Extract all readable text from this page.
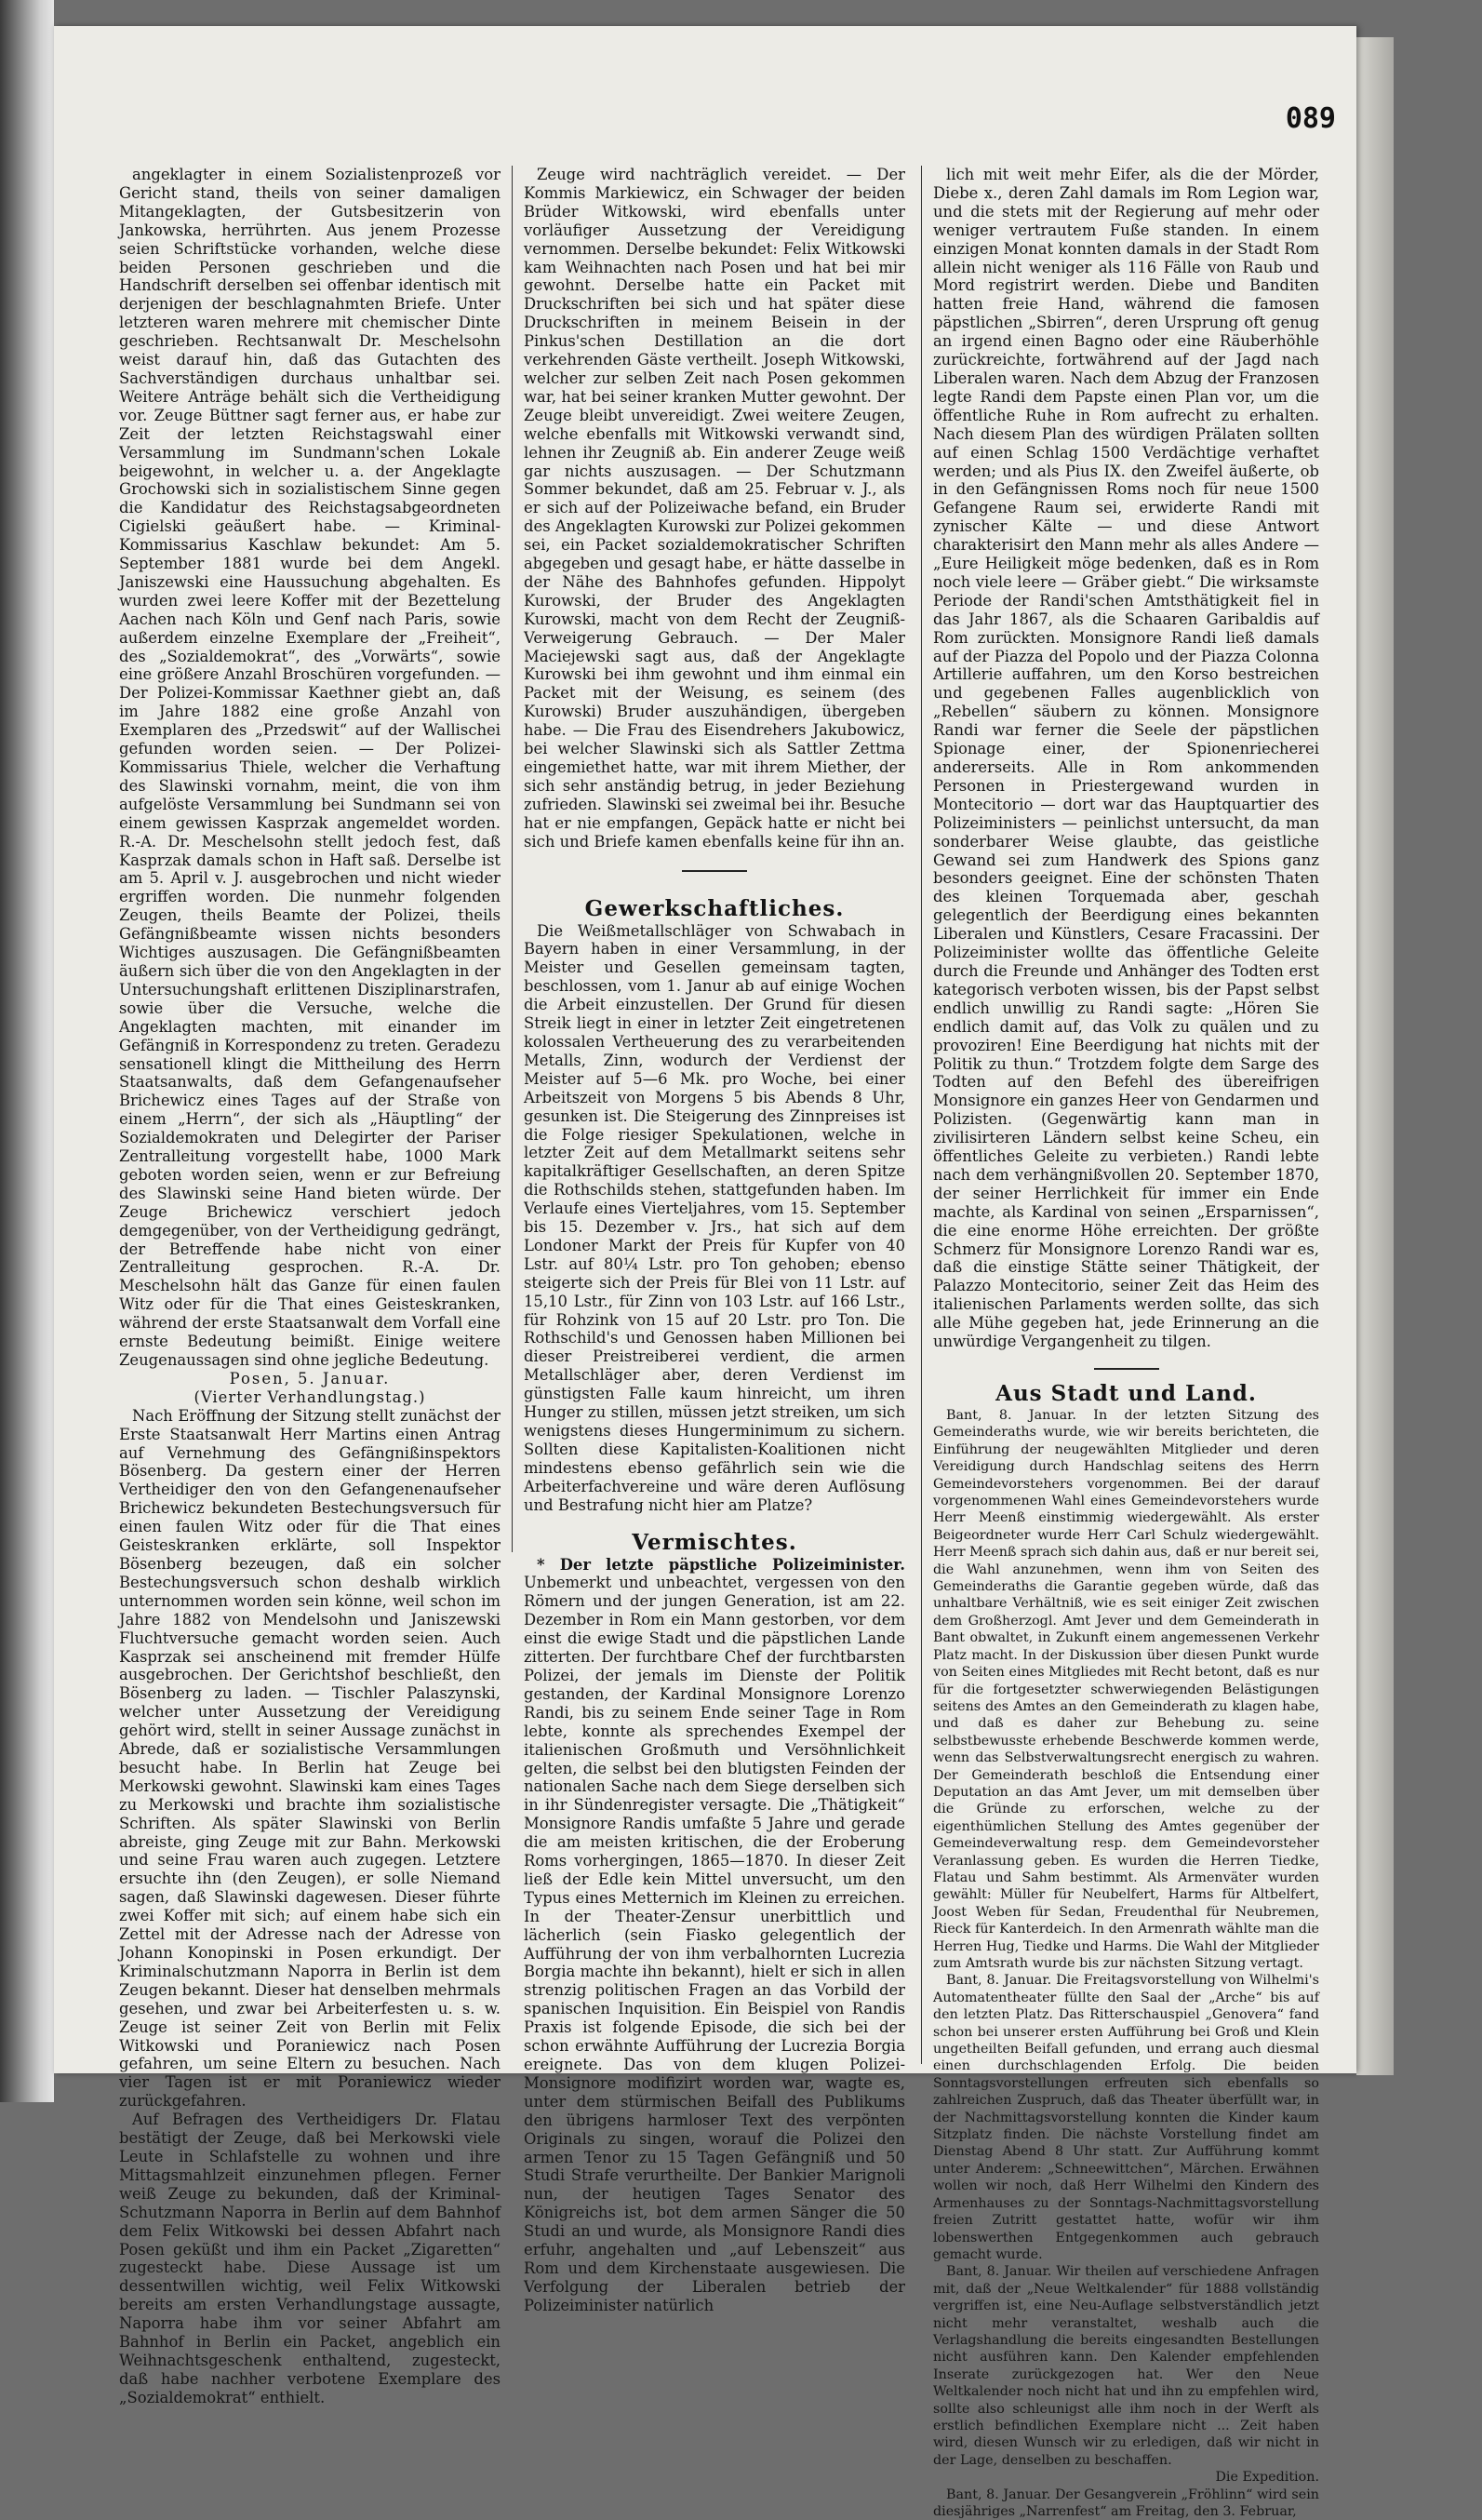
089

angeklagter in einem Sozialistenprozeß vor Gericht stand, theils von seiner damaligen Mitangeklagten, der Gutsbesitzerin von Jankowska, herrührten. Aus jenem Prozesse seien Schriftstücke vorhanden, welche diese beiden Personen geschrieben und die Handschrift derselben sei offenbar identisch mit derjenigen der beschlagnahmten Briefe. Unter letzteren waren mehrere mit chemischer Dinte geschrieben. Rechtsanwalt Dr. Meschelsohn weist darauf hin, daß das Gutachten des Sachverständigen durchaus unhaltbar sei. Weitere Anträge behält sich die Vertheidigung vor. Zeuge Büttner sagt ferner aus, er habe zur Zeit der letzten Reichstagswahl einer Versammlung im Sundmann'schen Lokale beigewohnt, in welcher u. a. der Angeklagte Grochowski sich in sozialistischem Sinne gegen die Kandidatur des Reichstagsabgeordneten Cigielski geäußert habe. — Kriminal-Kommissarius Kaschlaw bekundet: Am 5. September 1881 wurde bei dem Angekl. Janiszewski eine Haussuchung abgehalten. Es wurden zwei leere Koffer mit der Bezettelung Aachen nach Köln und Genf nach Paris, sowie außerdem einzelne Exemplare der „Freiheit“, des „Sozialdemokrat“, des „Vorwärts“, sowie eine größere Anzahl Broschüren vorgefunden. — Der Polizei-Kommissar Kaethner giebt an, daß im Jahre 1882 eine große Anzahl von Exemplaren des „Przedswit“ auf der Wallischei gefunden worden seien. — Der Polizei-Kommissarius Thiele, welcher die Verhaftung des Slawinski vornahm, meint, die von ihm aufgelöste Versammlung bei Sundmann sei von einem gewissen Kasprzak angemeldet worden. R.-A. Dr. Meschelsohn stellt jedoch fest, daß Kasprzak damals schon in Haft saß. Derselbe ist am 5. April v. J. ausgebrochen und nicht wieder ergriffen worden. Die nunmehr folgenden Zeugen, theils Beamte der Polizei, theils Gefängnißbeamte wissen nichts besonders Wichtiges auszusagen. Die Gefängnißbeamten äußern sich über die von den Angeklagten in der Untersuchungshaft erlittenen Disziplinarstrafen, sowie über die Versuche, welche die Angeklagten machten, mit einander im Gefängniß in Korrespondenz zu treten. Geradezu sensationell klingt die Mittheilung des Herrn Staatsanwalts, daß dem Gefangenaufseher Brichewicz eines Tages auf der Straße von einem „Herrn“, der sich als „Häuptling“ der Sozialdemokraten und Delegirter der Pariser Zentralleitung vorgestellt habe, 1000 Mark geboten worden seien, wenn er zur Befreiung des Slawinski seine Hand bieten würde. Der Zeuge Brichewicz verschiert jedoch demgegenüber, von der Vertheidigung gedrängt, der Betreffende habe nicht von einer Zentralleitung gesprochen. R.-A. Dr. Meschelsohn hält das Ganze für einen faulen Witz oder für die That eines Geisteskranken, während der erste Staatsanwalt dem Vorfall eine ernste Bedeutung beimißt. Einige weitere Zeugenaussagen sind ohne jegliche Bedeutung.

Posen, 5. Januar.

(Vierter Verhandlungstag.)

Nach Eröffnung der Sitzung stellt zunächst der Erste Staatsanwalt Herr Martins einen Antrag auf Vernehmung des Gefängnißinspektors Bösenberg. Da gestern einer der Herren Vertheidiger den von den Gefangenenaufseher Brichewicz bekundeten Bestechungsversuch für einen faulen Witz oder für die That eines Geisteskranken erklärte, soll Inspektor Bösenberg bezeugen, daß ein solcher Bestechungsversuch schon deshalb wirklich unternommen worden sein könne, weil schon im Jahre 1882 von Mendelsohn und Janiszewski Fluchtversuche gemacht worden seien. Auch Kasprzak sei anscheinend mit fremder Hülfe ausgebrochen. Der Gerichtshof beschließt, den Bösenberg zu laden. — Tischler Palaszynski, welcher unter Aussetzung der Vereidigung gehört wird, stellt in seiner Aussage zunächst in Abrede, daß er sozialistische Versammlungen besucht habe. In Berlin hat Zeuge bei Merkowski gewohnt. Slawinski kam eines Tages zu Merkowski und brachte ihm sozialistische Schriften. Als später Slawinski von Berlin abreiste, ging Zeuge mit zur Bahn. Merkowski und seine Frau waren auch zugegen. Letztere ersuchte ihn (den Zeugen), er solle Niemand sagen, daß Slawinski dagewesen. Dieser führte zwei Koffer mit sich; auf einem habe sich ein Zettel mit der Adresse nach der Adresse von Johann Konopinski in Posen erkundigt. Der Kriminalschutzmann Naporra in Berlin ist dem Zeugen bekannt. Dieser hat denselben mehrmals gesehen, und zwar bei Arbeiterfesten u. s. w. Zeuge ist seiner Zeit von Berlin mit Felix Witkowski und Poraniewicz nach Posen gefahren, um seine Eltern zu besuchen. Nach vier Tagen ist er mit Poraniewicz wieder zurückgefahren.

Auf Befragen des Vertheidigers Dr. Flatau bestätigt der Zeuge, daß bei Merkowski viele Leute in Schlafstelle zu wohnen und ihre Mittagsmahlzeit einzunehmen pflegen. Ferner weiß Zeuge zu bekunden, daß der Kriminal-Schutzmann Naporra in Berlin auf dem Bahnhof dem Felix Witkowski bei dessen Abfahrt nach Posen geküßt und ihm ein Packet „Zigaretten“ zugesteckt habe. Diese Aussage ist um dessentwillen wichtig, weil Felix Witkowski bereits am ersten Verhandlungstage aussagte, Naporra habe ihm vor seiner Abfahrt am Bahnhof in Berlin ein Packet, angeblich ein Weihnachtsgeschenk enthaltend, zugesteckt, daß habe nachher verbotene Exemplare des „Sozialdemokrat“ enthielt.

Zeuge wird nachträglich vereidet. — Der Kommis Markiewicz, ein Schwager der beiden Brüder Witkowski, wird ebenfalls unter vorläufiger Aussetzung der Vereidigung vernommen. Derselbe bekundet: Felix Witkowski kam Weihnachten nach Posen und hat bei mir gewohnt. Derselbe hatte ein Packet mit Druckschriften bei sich und hat später diese Druckschriften in meinem Beisein in der Pinkus'schen Destillation an die dort verkehrenden Gäste vertheilt. Joseph Witkowski, welcher zur selben Zeit nach Posen gekommen war, hat bei seiner kranken Mutter gewohnt. Der Zeuge bleibt unvereidigt. Zwei weitere Zeugen, welche ebenfalls mit Witkowski verwandt sind, lehnen ihr Zeugniß ab. Ein anderer Zeuge weiß gar nichts auszusagen. — Der Schutzmann Sommer bekundet, daß am 25. Februar v. J., als er sich auf der Polizeiwache befand, ein Bruder des Angeklagten Kurowski zur Polizei gekommen sei, ein Packet sozialdemokratischer Schriften abgegeben und gesagt habe, er hätte dasselbe in der Nähe des Bahnhofes gefunden. Hippolyt Kurowski, der Bruder des Angeklagten Kurowski, macht von dem Recht der Zeugniß-Verweigerung Gebrauch. — Der Maler Maciejewski sagt aus, daß der Angeklagte Kurowski bei ihm gewohnt und ihm einmal ein Packet mit der Weisung, es seinem (des Kurowski) Bruder auszuhändigen, übergeben habe. — Die Frau des Eisendrehers Jakubowicz, bei welcher Slawinski sich als Sattler Zettma eingemiethet hatte, war mit ihrem Miether, der sich sehr anständig betrug, in jeder Beziehung zufrieden. Slawinski sei zweimal bei ihr. Besuche hat er nie empfangen, Gepäck hatte er nicht bei sich und Briefe kamen ebenfalls keine für ihn an.

Gewerkschaftliches.

Die Weißmetallschläger von Schwabach in Bayern haben in einer Versammlung, in der Meister und Gesellen gemeinsam tagten, beschlossen, vom 1. Janur ab auf einige Wochen die Arbeit einzustellen. Der Grund für diesen Streik liegt in einer in letzter Zeit eingetretenen kolossalen Vertheuerung des zu verarbeitenden Metalls, Zinn, wodurch der Verdienst der Meister auf 5—6 Mk. pro Woche, bei einer Arbeitszeit von Morgens 5 bis Abends 8 Uhr, gesunken ist. Die Steigerung des Zinnpreises ist die Folge riesiger Spekulationen, welche in letzter Zeit auf dem Metallmarkt seitens sehr kapitalkräftiger Gesellschaften, an deren Spitze die Rothschilds stehen, stattgefunden haben. Im Verlaufe eines Vierteljahres, vom 15. September bis 15. Dezember v. Jrs., hat sich auf dem Londoner Markt der Preis für Kupfer von 40 Lstr. auf 80¼ Lstr. pro Ton gehoben; ebenso steigerte sich der Preis für Blei von 11 Lstr. auf 15,10 Lstr., für Zinn von 103 Lstr. auf 166 Lstr., für Rohzink von 15 auf 20 Lstr. pro Ton. Die Rothschild's und Genossen haben Millionen bei dieser Preistreiberei verdient, die armen Metallschläger aber, deren Verdienst im günstigsten Falle kaum hinreicht, um ihren Hunger zu stillen, müssen jetzt streiken, um sich wenigstens dieses Hungerminimum zu sichern. Sollten diese Kapitalisten-Koalitionen nicht mindestens ebenso gefährlich sein wie die Arbeiterfachvereine und wäre deren Auflösung und Bestrafung nicht hier am Platze?

Vermischtes.

* Der letzte päpstliche Polizeiminister. Unbemerkt und unbeachtet, vergessen von den Römern und der jungen Generation, ist am 22. Dezember in Rom ein Mann gestorben, vor dem einst die ewige Stadt und die päpstlichen Lande zitterten. Der furchtbare Chef der furchtbarsten Polizei, der jemals im Dienste der Politik gestanden, der Kardinal Monsignore Lorenzo Randi, bis zu seinem Ende seiner Tage in Rom lebte, konnte als sprechendes Exempel der italienischen Großmuth und Versöhnlichkeit gelten, die selbst bei den blutigsten Feinden der nationalen Sache nach dem Siege derselben sich in ihr Sündenregister versagte. Die „Thätigkeit“ Monsignore Randis umfaßte 5 Jahre und gerade die am meisten kritischen, die der Eroberung Roms vorhergingen, 1865—1870. In dieser Zeit ließ der Edle kein Mittel unversucht, um den Typus eines Metternich im Kleinen zu erreichen. In der Theater-Zensur unerbittlich und lächerlich (sein Fiasko gelegentlich der Aufführung der von ihm verbalhornten Lucrezia Borgia machte ihn bekannt), hielt er sich in allen strenzig politischen Fragen an das Vorbild der spanischen Inquisition. Ein Beispiel von Randis Praxis ist folgende Episode, die sich bei der schon erwähnte Aufführung der Lucrezia Borgia ereignete. Das von dem klugen Polizei-Monsignore modifizirt worden war, wagte es, unter dem stürmischen Beifall des Publikums den übrigens harmloser Text des verpönten Originals zu singen, worauf die Polizei den armen Tenor zu 15 Tagen Gefängniß und 50 Studi Strafe verurtheilte. Der Bankier Marignoli nun, der heutigen Tages Senator des Königreichs ist, bot dem armen Sänger die 50 Studi an und wurde, als Monsignore Randi dies erfuhr, angehalten und „auf Lebenszeit“ aus Rom und dem Kirchenstaate ausgewiesen. Die Verfolgung der Liberalen betrieb der Polizeiminister natürlich

lich mit weit mehr Eifer, als die der Mörder, Diebe x., deren Zahl damals im Rom Legion war, und die stets mit der Regierung auf mehr oder weniger vertrautem Fuße standen. In einem einzigen Monat konnten damals in der Stadt Rom allein nicht weniger als 116 Fälle von Raub und Mord registrirt werden. Diebe und Banditen hatten freie Hand, während die famosen päpstlichen „Sbirren“, deren Ursprung oft genug an irgend einen Bagno oder eine Räuberhöhle zurückreichte, fortwährend auf der Jagd nach Liberalen waren. Nach dem Abzug der Franzosen legte Randi dem Papste einen Plan vor, um die öffentliche Ruhe in Rom aufrecht zu erhalten. Nach diesem Plan des würdigen Prälaten sollten auf einen Schlag 1500 Verdächtige verhaftet werden; und als Pius IX. den Zweifel äußerte, ob in den Gefängnissen Roms noch für neue 1500 Gefangene Raum sei, erwiderte Randi mit zynischer Kälte — und diese Antwort charakterisirt den Mann mehr als alles Andere — „Eure Heiligkeit möge bedenken, daß es in Rom noch viele leere — Gräber giebt.“ Die wirksamste Periode der Randi'schen Amtsthätigkeit fiel in das Jahr 1867, als die Schaaren Garibaldis auf Rom zurückten. Monsignore Randi ließ damals auf der Piazza del Popolo und der Piazza Colonna Artillerie auffahren, um den Korso bestreichen und gegebenen Falles augenblicklich von „Rebellen“ säubern zu können. Monsignore Randi war ferner die Seele der päpstlichen Spionage einer, der Spionenriecherei andererseits. Alle in Rom ankommenden Personen in Priestergewand wurden in Montecitorio — dort war das Hauptquartier des Polizeiministers — peinlichst untersucht, da man sonderbarer Weise glaubte, das geistliche Gewand sei zum Handwerk des Spions ganz besonders geeignet. Eine der schönsten Thaten des kleinen Torquemada aber, geschah gelegentlich der Beerdigung eines bekannten Liberalen und Künstlers, Cesare Fracassini. Der Polizeiminister wollte das öffentliche Geleite durch die Freunde und Anhänger des Todten erst kategorisch verboten wissen, bis der Papst selbst endlich unwillig zu Randi sagte: „Hören Sie endlich damit auf, das Volk zu quälen und zu provoziren! Eine Beerdigung hat nichts mit der Politik zu thun.“ Trotzdem folgte dem Sarge des Todten auf den Befehl des übereifrigen Monsignore ein ganzes Heer von Gendarmen und Polizisten. (Gegenwärtig kann man in zivilisirteren Ländern selbst keine Scheu, ein öffentliches Geleite zu verbieten.) Randi lebte nach dem verhängnißvollen 20. September 1870, der seiner Herrlichkeit für immer ein Ende machte, als Kardinal von seinen „Ersparnissen“, die eine enorme Höhe erreichten. Der größte Schmerz für Monsignore Lorenzo Randi war es, daß die einstige Stätte seiner Thätigkeit, der Palazzo Montecitorio, seiner Zeit das Heim des italienischen Parlaments werden sollte, das sich alle Mühe gegeben hat, jede Erinnerung an die unwürdige Vergangenheit zu tilgen.

Aus Stadt und Land.

Bant, 8. Januar. In der letzten Sitzung des Gemeinderaths wurde, wie wir bereits berichteten, die Einführung der neugewählten Mitglieder und deren Vereidigung durch Handschlag seitens des Herrn Gemeindevorstehers vorgenommen. Bei der darauf vorgenommenen Wahl eines Gemeindevorstehers wurde Herr Meenß einstimmig wiedergewählt. Als erster Beigeordneter wurde Herr Carl Schulz wiedergewählt. Herr Meenß sprach sich dahin aus, daß er nur bereit sei, die Wahl anzunehmen, wenn ihm von Seiten des Gemeinderaths die Garantie gegeben würde, daß das unhaltbare Verhältniß, wie es seit einiger Zeit zwischen dem Großherzogl. Amt Jever und dem Gemeinderath in Bant obwaltet, in Zukunft einem angemessenen Verkehr Platz macht. In der Diskussion über diesen Punkt wurde von Seiten eines Mitgliedes mit Recht betont, daß es nur für die fortgesetzter schwerwiegenden Belästigungen seitens des Amtes an den Gemeinderath zu klagen habe, und daß es daher zur Behebung zu. seine selbstbewusste erhebende Beschwerde kommen werde, wenn das Selbstverwaltungsrecht energisch zu wahren. Der Gemeinderath beschloß die Entsendung einer Deputation an das Amt Jever, um mit demselben über die Gründe zu erforschen, welche zu der eigenthümlichen Stellung des Amtes gegenüber der Gemeindeverwaltung resp. dem Gemeindevorsteher Veranlassung geben. Es wurden die Herren Tiedke, Flatau und Sahm bestimmt. Als Armenväter wurden gewählt: Müller für Neubelfert, Harms für Altbelfert, Joost Weben für Sedan, Freudenthal für Neubremen, Rieck für Kanterdeich. In den Armenrath wählte man die Herren Hug, Tiedke und Harms. Die Wahl der Mitglieder zum Amtsrath wurde bis zur nächsten Sitzung vertagt.

Bant, 8. Januar. Die Freitagsvorstellung von Wilhelmi's Automatentheater füllte den Saal der „Arche“ bis auf den letzten Platz. Das Ritterschauspiel „Genovera“ fand schon bei unserer ersten Aufführung bei Groß und Klein ungetheilten Beifall gefunden, und errang auch diesmal einen durchschlagenden Erfolg. Die beiden Sonntagsvorstellungen erfreuten sich ebenfalls so zahlreichen Zuspruch, daß das Theater überfüllt war, in der Nachmittagsvorstellung konnten die Kinder kaum Sitzplatz finden. Die nächste Vorstellung findet am Dienstag Abend 8 Uhr statt. Zur Aufführung kommt unter Anderem: „Schneewittchen“, Märchen. Erwähnen wollen wir noch, daß Herr Wilhelmi den Kindern des Armenhauses zu der Sonntags-Nachmittagsvorstellung freien Zutritt gestattet hatte, wofür wir ihm lobenswerthen Entgegenkommen auch gebrauch gemacht wurde.

Bant, 8. Januar. Wir theilen auf verschiedene Anfragen mit, daß der „Neue Weltkalender“ für 1888 vollständig vergriffen ist, eine Neu-Auflage selbstverständlich jetzt nicht mehr veranstaltet, weshalb auch die Verlagshandlung die bereits eingesandten Bestellungen nicht ausführen kann. Den Kalender empfehlenden Inserate zurückgezogen hat. Wer den Neue Weltkalender noch nicht hat und ihn zu empfehlen wird, sollte also schleunigst alle ihm noch in der Werft als erstlich befindlichen Exemplare nicht ... Zeit haben wird, diesen Wunsch wir zu erledigen, daß wir nicht in der Lage, denselben zu beschaffen.

Die Expedition.

Bant, 8. Januar. Der Gesangverein „Fröhlinn“ wird sein diesjähriges „Narrenfest“ am Freitag, den 3. Februar,
